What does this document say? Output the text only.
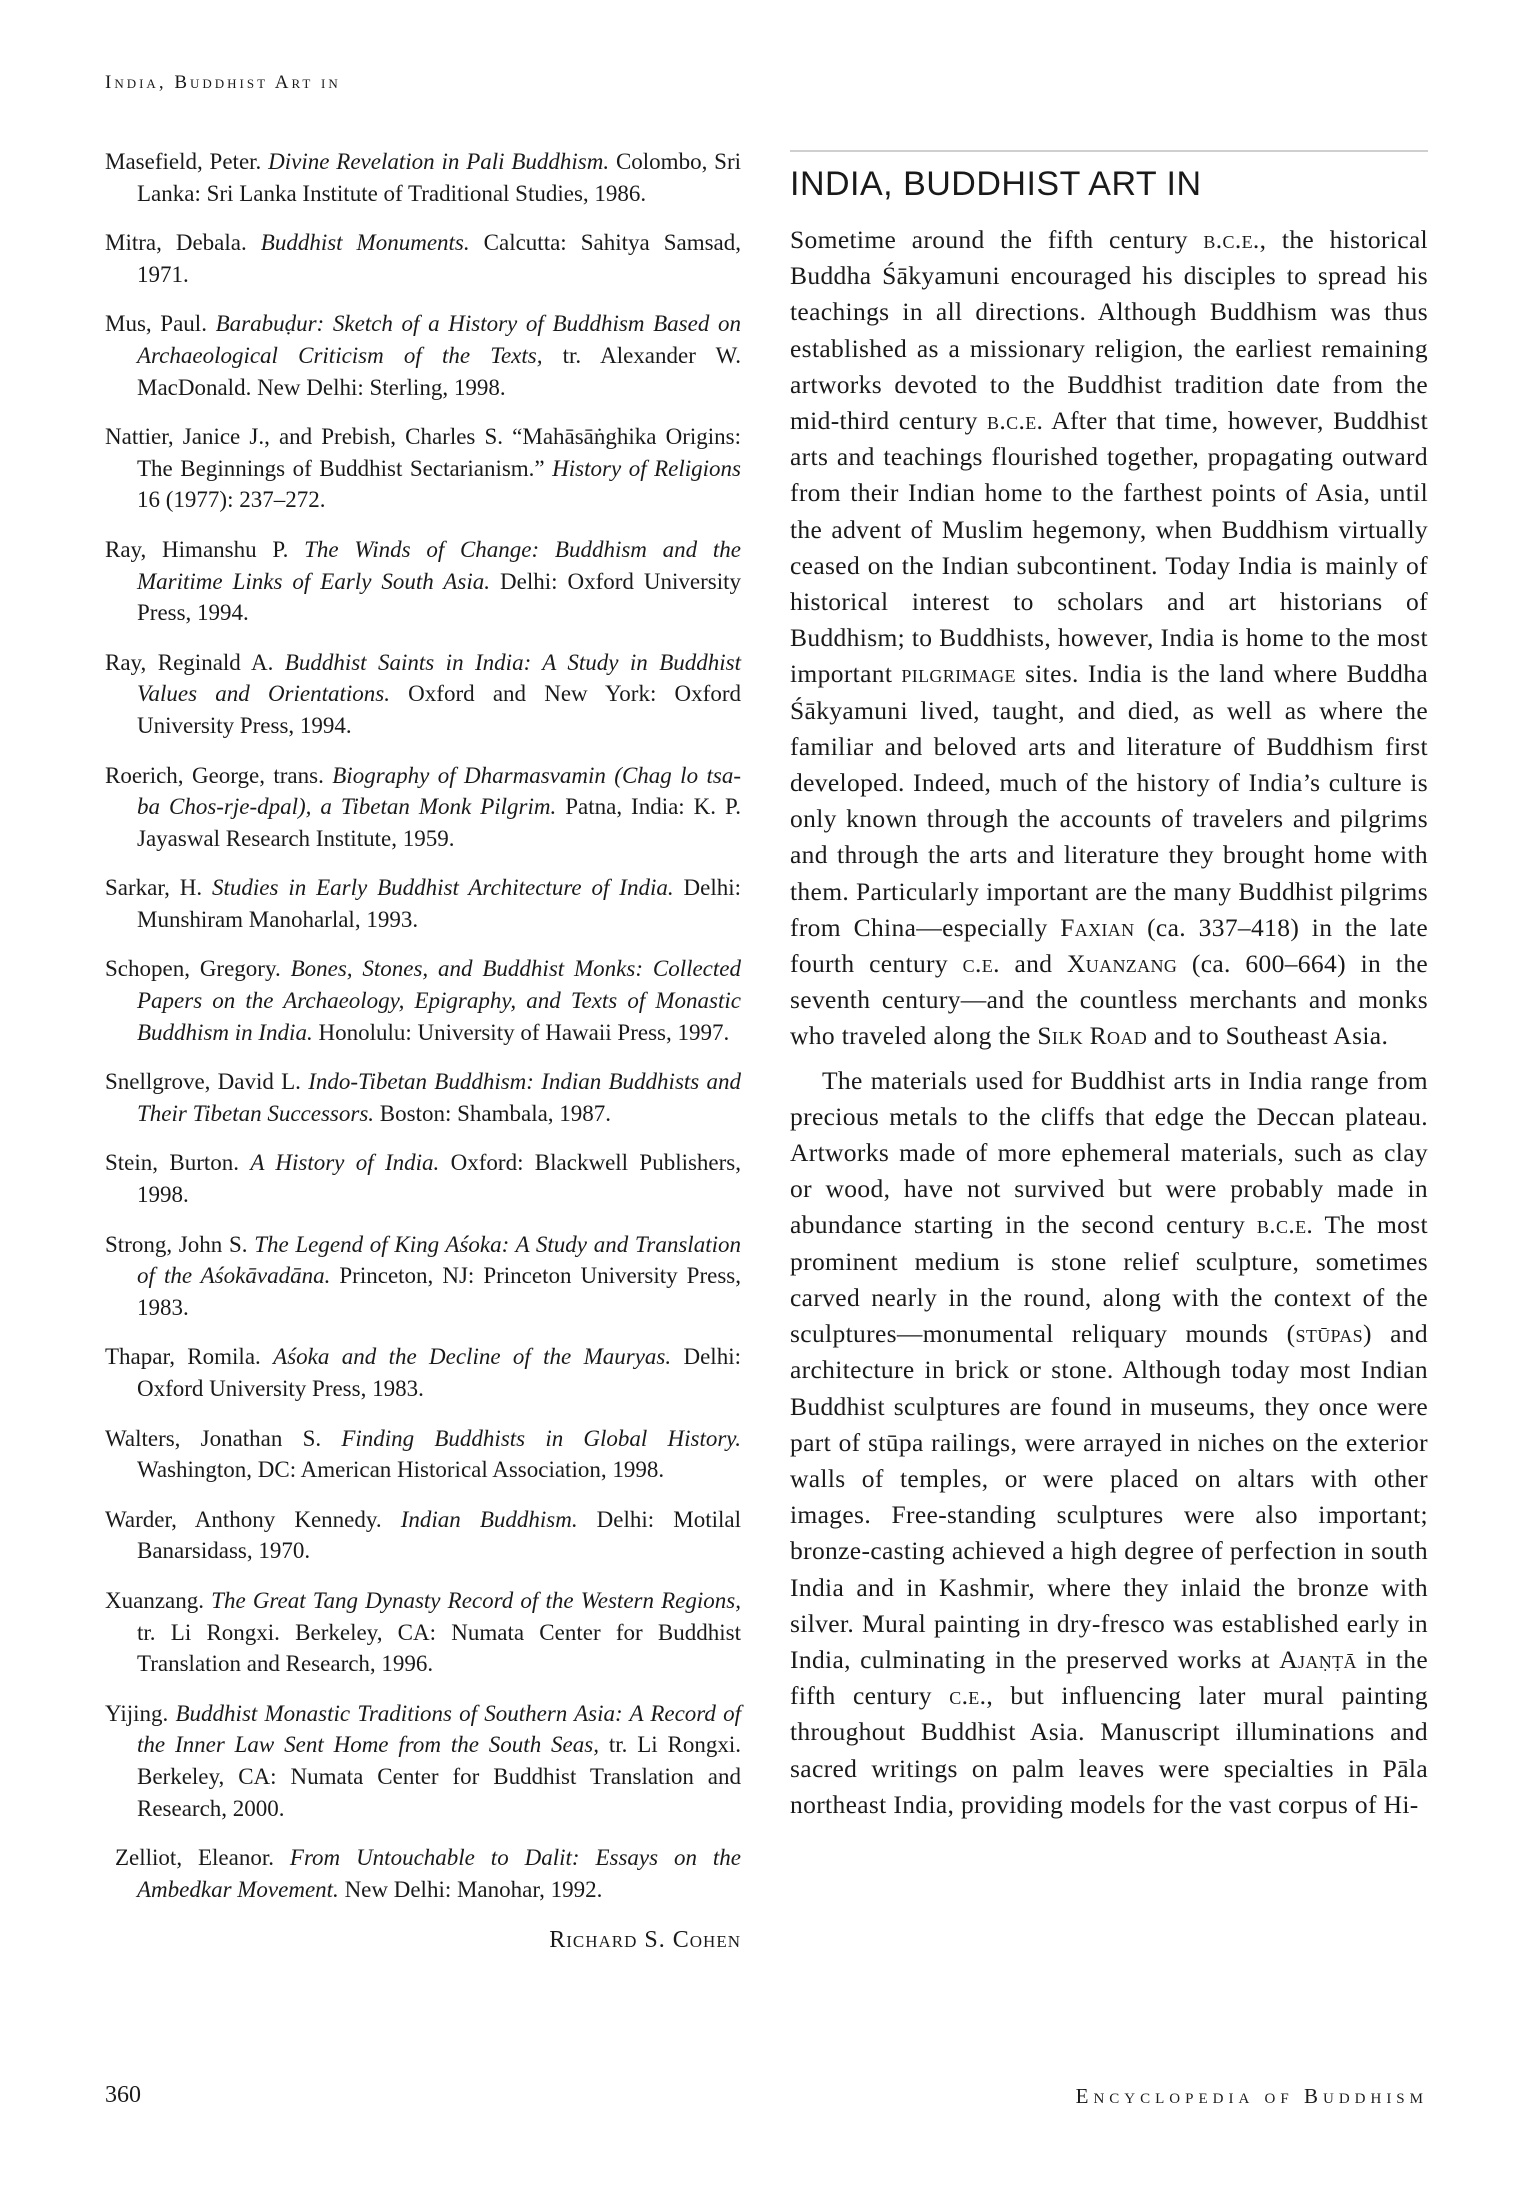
India, Buddhist Art in

Masefield, Peter. Divine Revelation in Pali Buddhism. Colombo, Sri Lanka: Sri Lanka Institute of Traditional Studies, 1986.

Mitra, Debala. Buddhist Monuments. Calcutta: Sahitya Samsad, 1971.

Mus, Paul. Barabuḍur: Sketch of a History of Buddhism Based on Archaeological Criticism of the Texts, tr. Alexander W. MacDonald. New Delhi: Sterling, 1998.

Nattier, Janice J., and Prebish, Charles S. “Mahāsāṅghika Origins: The Beginnings of Buddhist Sectarianism.” History of Religions 16 (1977): 237–272.

Ray, Himanshu P. The Winds of Change: Buddhism and the Maritime Links of Early South Asia. Delhi: Oxford University Press, 1994.

Ray, Reginald A. Buddhist Saints in India: A Study in Buddhist Values and Orientations. Oxford and New York: Oxford University Press, 1994.

Roerich, George, trans. Biography of Dharmasvamin (Chag lo tsa-ba Chos-rje-dpal), a Tibetan Monk Pilgrim. Patna, India: K. P. Jayaswal Research Institute, 1959.

Sarkar, H. Studies in Early Buddhist Architecture of India. Delhi: Munshiram Manoharlal, 1993.

Schopen, Gregory. Bones, Stones, and Buddhist Monks: Collected Papers on the Archaeology, Epigraphy, and Texts of Monastic Buddhism in India. Honolulu: University of Hawaii Press, 1997.

Snellgrove, David L. Indo-Tibetan Buddhism: Indian Buddhists and Their Tibetan Successors. Boston: Shambala, 1987.

Stein, Burton. A History of India. Oxford: Blackwell Publishers, 1998.

Strong, John S. The Legend of King Aśoka: A Study and Translation of the Aśokāvadāna. Princeton, NJ: Princeton University Press, 1983.

Thapar, Romila. Aśoka and the Decline of the Mauryas. Delhi: Oxford University Press, 1983.

Walters, Jonathan S. Finding Buddhists in Global History. Washington, DC: American Historical Association, 1998.

Warder, Anthony Kennedy. Indian Buddhism. Delhi: Motilal Banarsidass, 1970.

Xuanzang. The Great Tang Dynasty Record of the Western Regions, tr. Li Rongxi. Berkeley, CA: Numata Center for Buddhist Translation and Research, 1996.

Yijing. Buddhist Monastic Traditions of Southern Asia: A Record of the Inner Law Sent Home from the South Seas, tr. Li Rongxi. Berkeley, CA: Numata Center for Buddhist Translation and Research, 2000.

Zelliot, Eleanor. From Untouchable to Dalit: Essays on the Ambedkar Movement. New Delhi: Manohar, 1992.

Richard S. Cohen
INDIA, BUDDHIST ART IN

Sometime around the fifth century b.c.e., the historical Buddha Śākyamuni encouraged his disciples to spread his teachings in all directions. Although Buddhism was thus established as a missionary religion, the earliest remaining artworks devoted to the Buddhist tradition date from the mid-third century b.c.e. After that time, however, Buddhist arts and teachings flourished together, propagating outward from their Indian home to the farthest points of Asia, until the advent of Muslim hegemony, when Buddhism virtually ceased on the Indian subcontinent. Today India is mainly of historical interest to scholars and art historians of Buddhism; to Buddhists, however, India is home to the most important pilgrimage sites. India is the land where Buddha Śākyamuni lived, taught, and died, as well as where the familiar and beloved arts and literature of Buddhism first developed. Indeed, much of the history of India’s culture is only known through the accounts of travelers and pilgrims and through the arts and literature they brought home with them. Particularly important are the many Buddhist pilgrims from China—especially Faxian (ca. 337–418) in the late fourth century c.e. and Xuanzang (ca. 600–664) in the seventh century—and the countless merchants and monks who traveled along the Silk Road and to Southeast Asia.

The materials used for Buddhist arts in India range from precious metals to the cliffs that edge the Deccan plateau. Artworks made of more ephemeral materials, such as clay or wood, have not survived but were probably made in abundance starting in the second century b.c.e. The most prominent medium is stone relief sculpture, sometimes carved nearly in the round, along with the context of the sculptures—monumental reliquary mounds (stūpas) and architecture in brick or stone. Although today most Indian Buddhist sculptures are found in museums, they once were part of stūpa railings, were arrayed in niches on the exterior walls of temples, or were placed on altars with other images. Free-standing sculptures were also important; bronze-casting achieved a high degree of perfection in south India and in Kashmir, where they inlaid the bronze with silver. Mural painting in dry-fresco was established early in India, culminating in the preserved works at Ajaṇṭā in the fifth century c.e., but influencing later mural painting throughout Buddhist Asia. Manuscript illuminations and sacred writings on palm leaves were specialties in Pāla northeast India, providing models for the vast corpus of Hi-

360	Encyclopedia of Buddhism
